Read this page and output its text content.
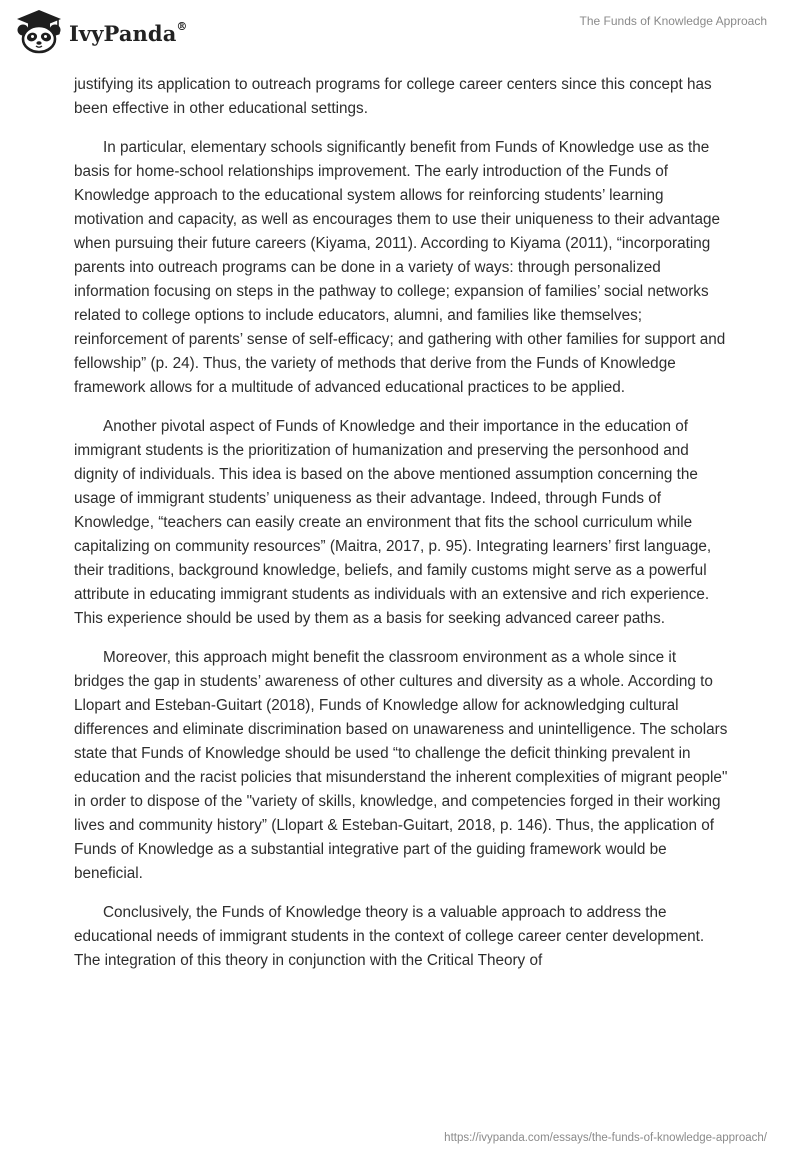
IvyPanda®	The Funds of Knowledge Approach

justifying its application to outreach programs for college career centers since this concept has been effective in other educational settings.

In particular, elementary schools significantly benefit from Funds of Knowledge use as the basis for home-school relationships improvement. The early introduction of the Funds of Knowledge approach to the educational system allows for reinforcing students’ learning motivation and capacity, as well as encourages them to use their uniqueness to their advantage when pursuing their future careers (Kiyama, 2011). According to Kiyama (2011), “incorporating parents into outreach programs can be done in a variety of ways: through personalized information focusing on steps in the pathway to college; expansion of families’ social networks related to college options to include educators, alumni, and families like themselves; reinforcement of parents’ sense of self-efficacy; and gathering with other families for support and fellowship” (p. 24). Thus, the variety of methods that derive from the Funds of Knowledge framework allows for a multitude of advanced educational practices to be applied.

Another pivotal aspect of Funds of Knowledge and their importance in the education of immigrant students is the prioritization of humanization and preserving the personhood and dignity of individuals. This idea is based on the above mentioned assumption concerning the usage of immigrant students’ uniqueness as their advantage. Indeed, through Funds of Knowledge, “teachers can easily create an environment that fits the school curriculum while capitalizing on community resources” (Maitra, 2017, p. 95). Integrating learners’ first language, their traditions, background knowledge, beliefs, and family customs might serve as a powerful attribute in educating immigrant students as individuals with an extensive and rich experience. This experience should be used by them as a basis for seeking advanced career paths.

Moreover, this approach might benefit the classroom environment as a whole since it bridges the gap in students’ awareness of other cultures and diversity as a whole. According to Llopart and Esteban-Guitart (2018), Funds of Knowledge allow for acknowledging cultural differences and eliminate discrimination based on unawareness and unintelligence. The scholars state that Funds of Knowledge should be used “to challenge the deficit thinking prevalent in education and the racist policies that misunderstand the inherent complexities of migrant people" in order to dispose of the "variety of skills, knowledge, and competencies forged in their working lives and community history” (Llopart & Esteban-Guitart, 2018, p. 146). Thus, the application of Funds of Knowledge as a substantial integrative part of the guiding framework would be beneficial.

Conclusively, the Funds of Knowledge theory is a valuable approach to address the educational needs of immigrant students in the context of college career center development. The integration of this theory in conjunction with the Critical Theory of

https://ivypanda.com/essays/the-funds-of-knowledge-approach/
